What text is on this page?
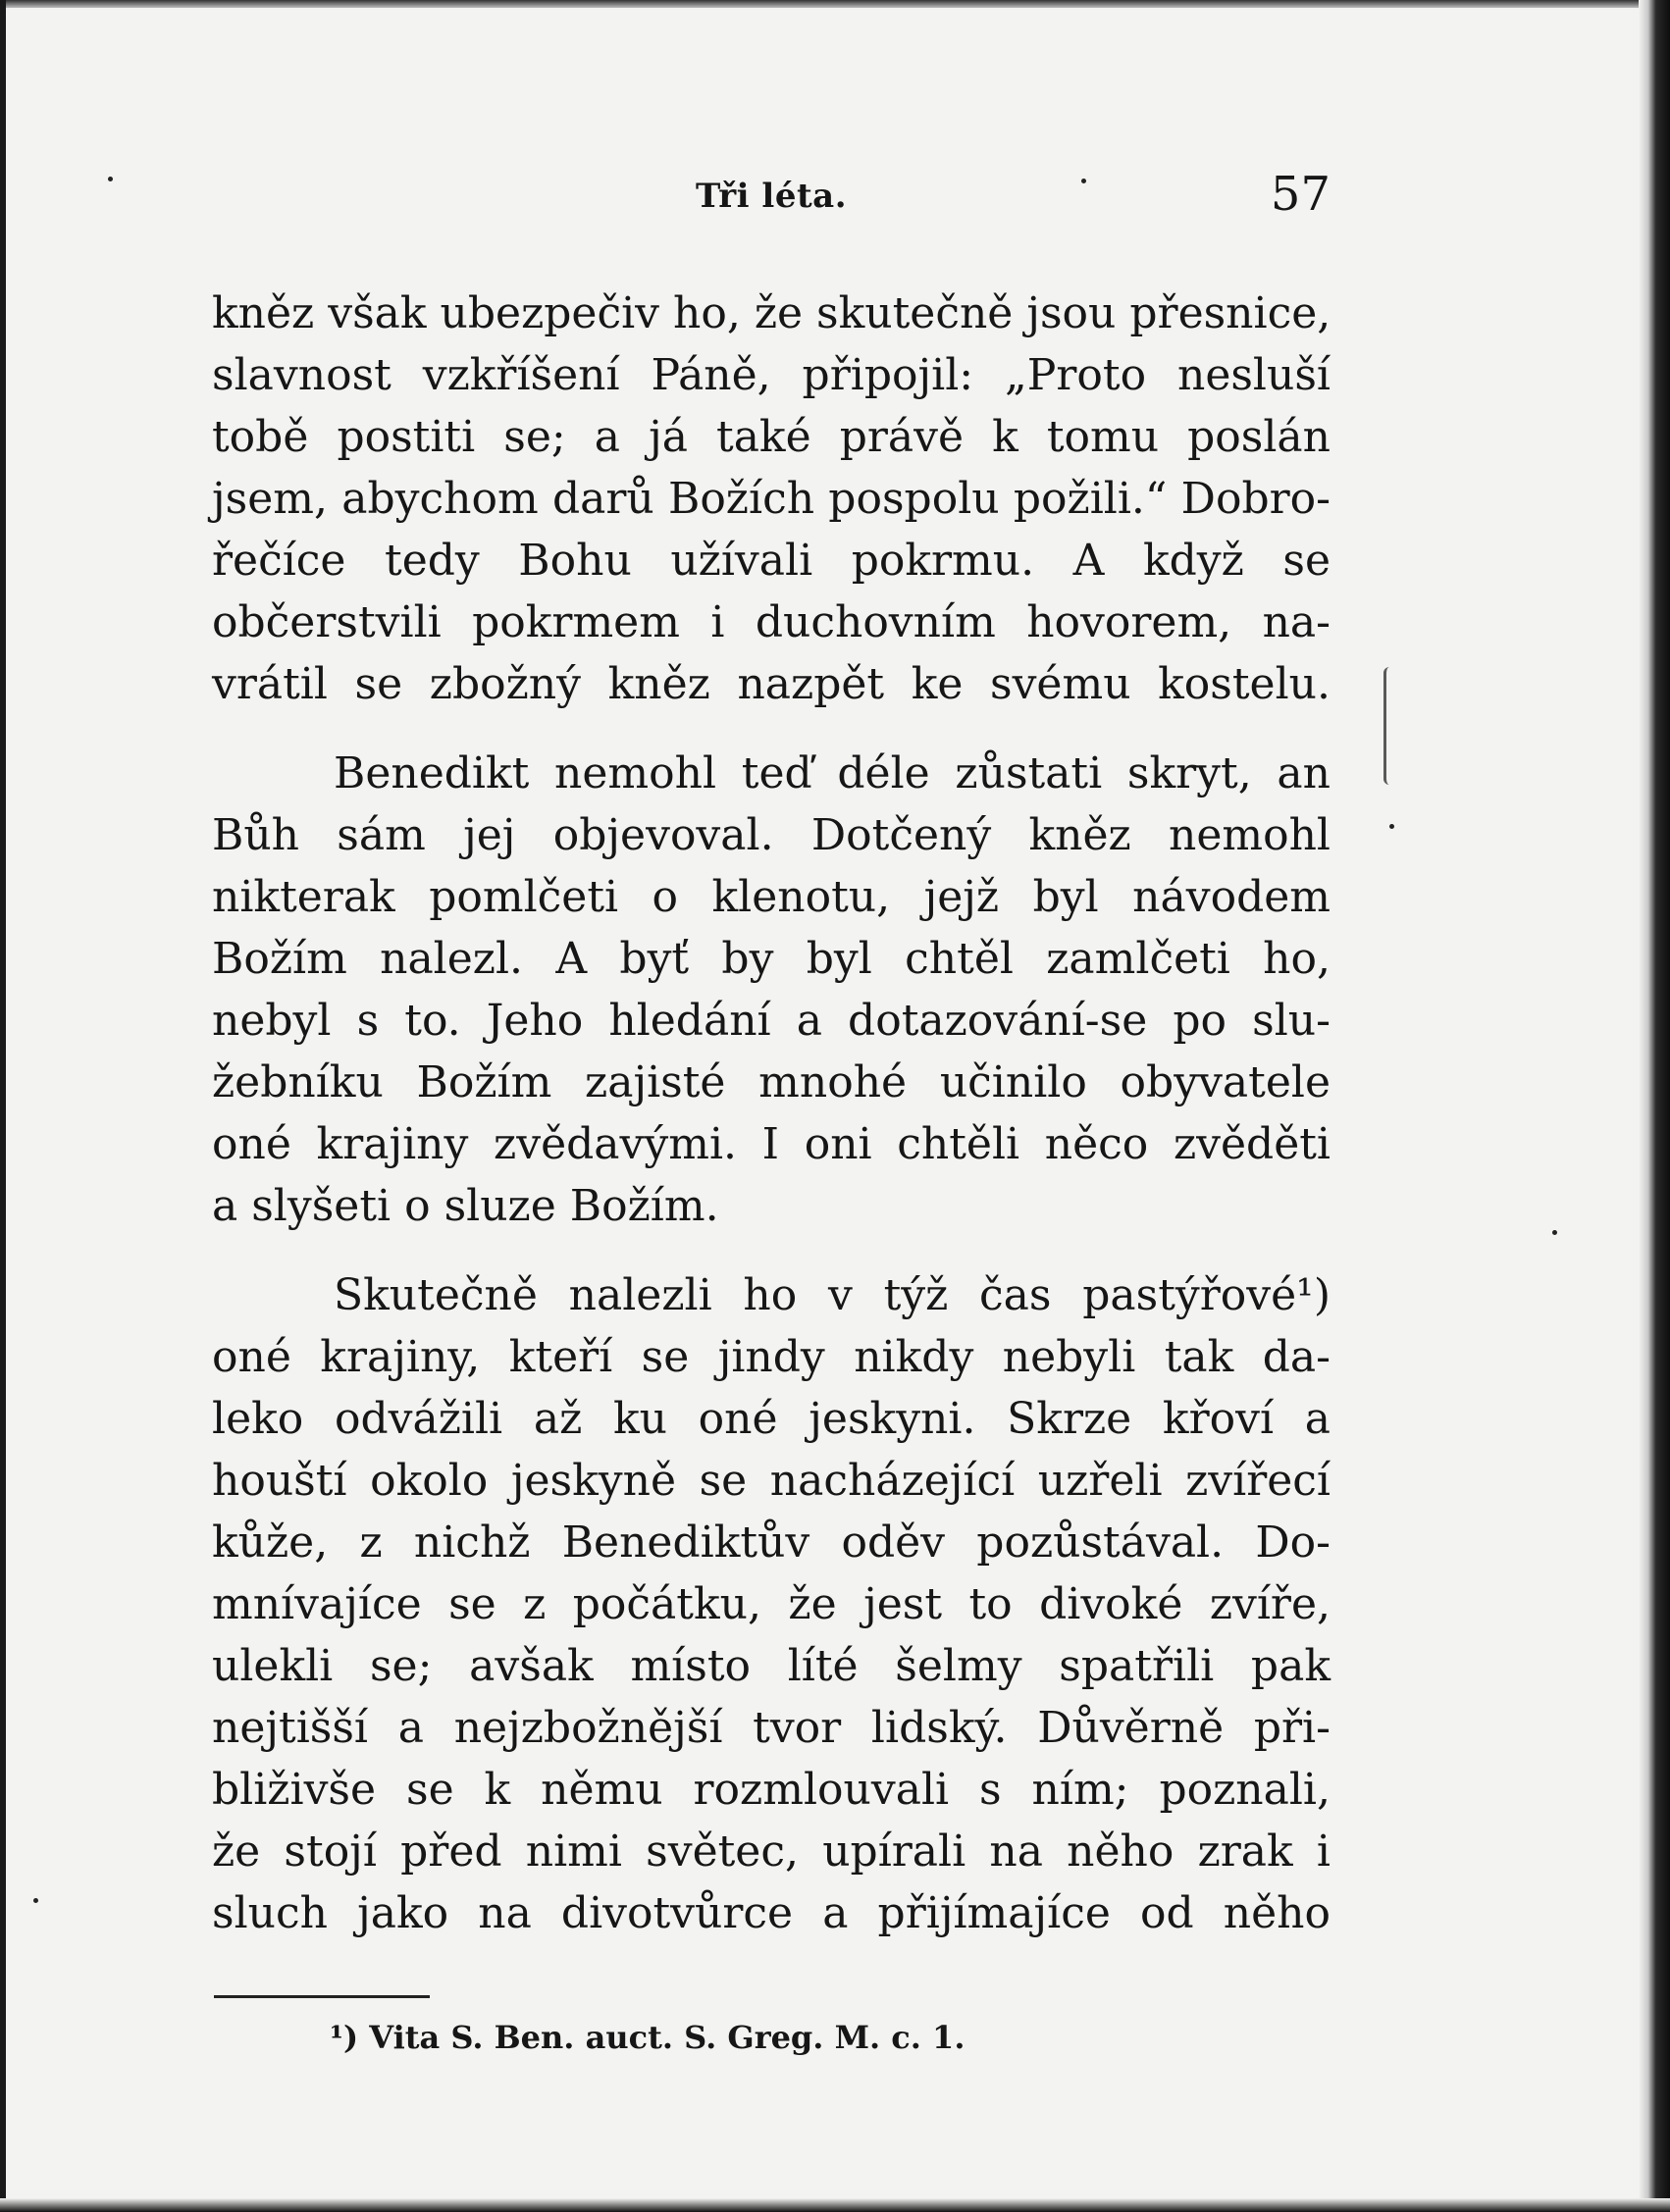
Tři léta.	57

kněz však ubezpečiv ho, že skutečně jsou přesnice,
slavnost vzkříšení Páně, připojil: „Proto nesluší
tobě postiti se; a já také právě k tomu poslán
jsem, abychom darů Božích pospolu požili.“ Dobro-
řečíce tedy Bohu užívali pokrmu. A když se
občerstvili pokrmem i duchovním hovorem, na-
vrátil se zbožný kněz nazpět ke svému kostelu.

Benedikt nemohl teď déle zůstati skryt, an
Bůh sám jej objevoval. Dotčený kněz nemohl
nikterak pomlčeti o klenotu, jejž byl návodem
Božím nalezl. A byť by byl chtěl zamlčeti ho,
nebyl s to. Jeho hledání a dotazování-se po slu-
žebníku Božím zajisté mnohé učinilo obyvatele
oné krajiny zvědavými. I oni chtěli něco zvěděti
a slyšeti o sluze Božím.

Skutečně nalezli ho v týž čas pastýřové¹)
oné krajiny, kteří se jindy nikdy nebyli tak da-
leko odvážili až ku oné jeskyni. Skrze křoví a
houští okolo jeskyně se nacházející uzřeli zvířecí
kůže, z nichž Benediktův oděv pozůstával. Do-
mnívajíce se z počátku, že jest to divoké zvíře,
ulekli se; avšak místo líté šelmy spatřili pak
nejtišší a nejzbožnější tvor lidský. Důvěrně při-
bliživše se k němu rozmlouvali s ním; poznali,
že stojí před nimi světec, upírali na něho zrak i
sluch jako na divotvůrce a přijímajíce od něho

¹) Vita S. Ben. auct. S. Greg. M. c. 1.
